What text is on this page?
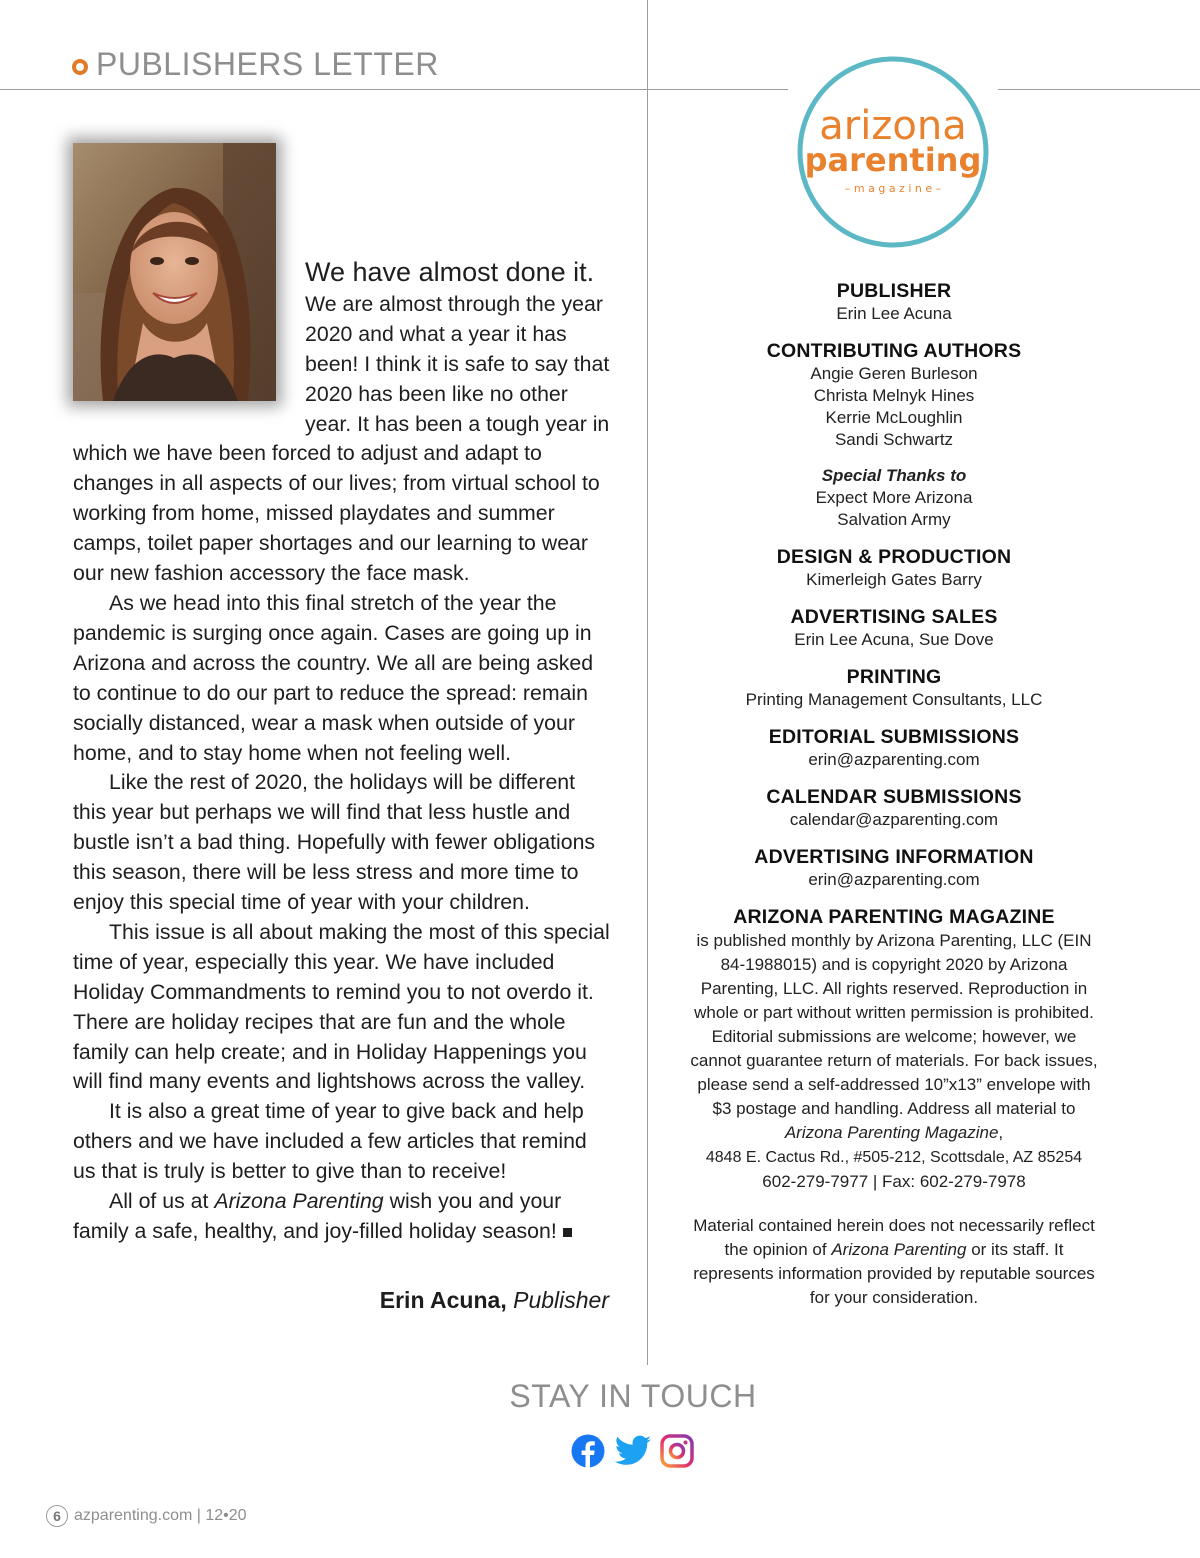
PUBLISHERS LETTER

We have almost done it. We are almost through the year 2020 and what a year it has been! I think it is safe to say that 2020 has been like no other year. It has been a tough year in which we have been forced to adjust and adapt to changes in all aspects of our lives; from virtual school to working from home, missed playdates and summer camps, toilet paper shortages and our learning to wear our new fashion accessory the face mask.

As we head into this final stretch of the year the pandemic is surging once again. Cases are going up in Arizona and across the country. We all are being asked to continue to do our part to reduce the spread: remain socially distanced, wear a mask when outside of your home, and to stay home when not feeling well.

Like the rest of 2020, the holidays will be different this year but perhaps we will find that less hustle and bustle isn’t a bad thing. Hopefully with fewer obligations this season, there will be less stress and more time to enjoy this special time of year with your children.

This issue is all about making the most of this special time of year, especially this year. We have included Holiday Commandments to remind you to not overdo it. There are holiday recipes that are fun and the whole family can help create; and in Holiday Happenings you will find many events and lightshows across the valley.

It is also a great time of year to give back and help others and we have included a few articles that remind us that is truly is better to give than to receive!

All of us at Arizona Parenting wish you and your family a safe, healthy, and joy-filled holiday season!

Erin Acuna, Publisher
arizona
parenting
– m a g a z i n e –
PUBLISHER
Erin Lee Acuna
CONTRIBUTING AUTHORS
Angie Geren Burleson
Christa Melnyk Hines
Kerrie McLoughlin
Sandi Schwartz
Special Thanks to
Expect More Arizona
Salvation Army
DESIGN & PRODUCTION
Kimerleigh Gates Barry
ADVERTISING SALES
Erin Lee Acuna, Sue Dove
PRINTING
Printing Management Consultants, LLC
EDITORIAL SUBMISSIONS
erin@azparenting.com
CALENDAR SUBMISSIONS
calendar@azparenting.com
ADVERTISING INFORMATION
erin@azparenting.com
ARIZONA PARENTING MAGAZINE
is published monthly by Arizona Parenting, LLC (EIN 84-1988015) and is copyright 2020 by Arizona Parenting, LLC. All rights reserved. Reproduction in whole or part without written permission is prohibited. Editorial submissions are welcome; however, we cannot guarantee return of materials. For back issues, please send a self-addressed 10”x13” envelope with $3 postage and handling. Address all material to Arizona Parenting Magazine,
4848 E. Cactus Rd., #505-212, Scottsdale, AZ 85254
602-279-7977 | Fax: 602-279-7978
Material contained herein does not necessarily reflect the opinion of Arizona Parenting or its staff. It represents information provided by reputable sources for your consideration.
STAY IN TOUCH
6 azparenting.com | 12•20
